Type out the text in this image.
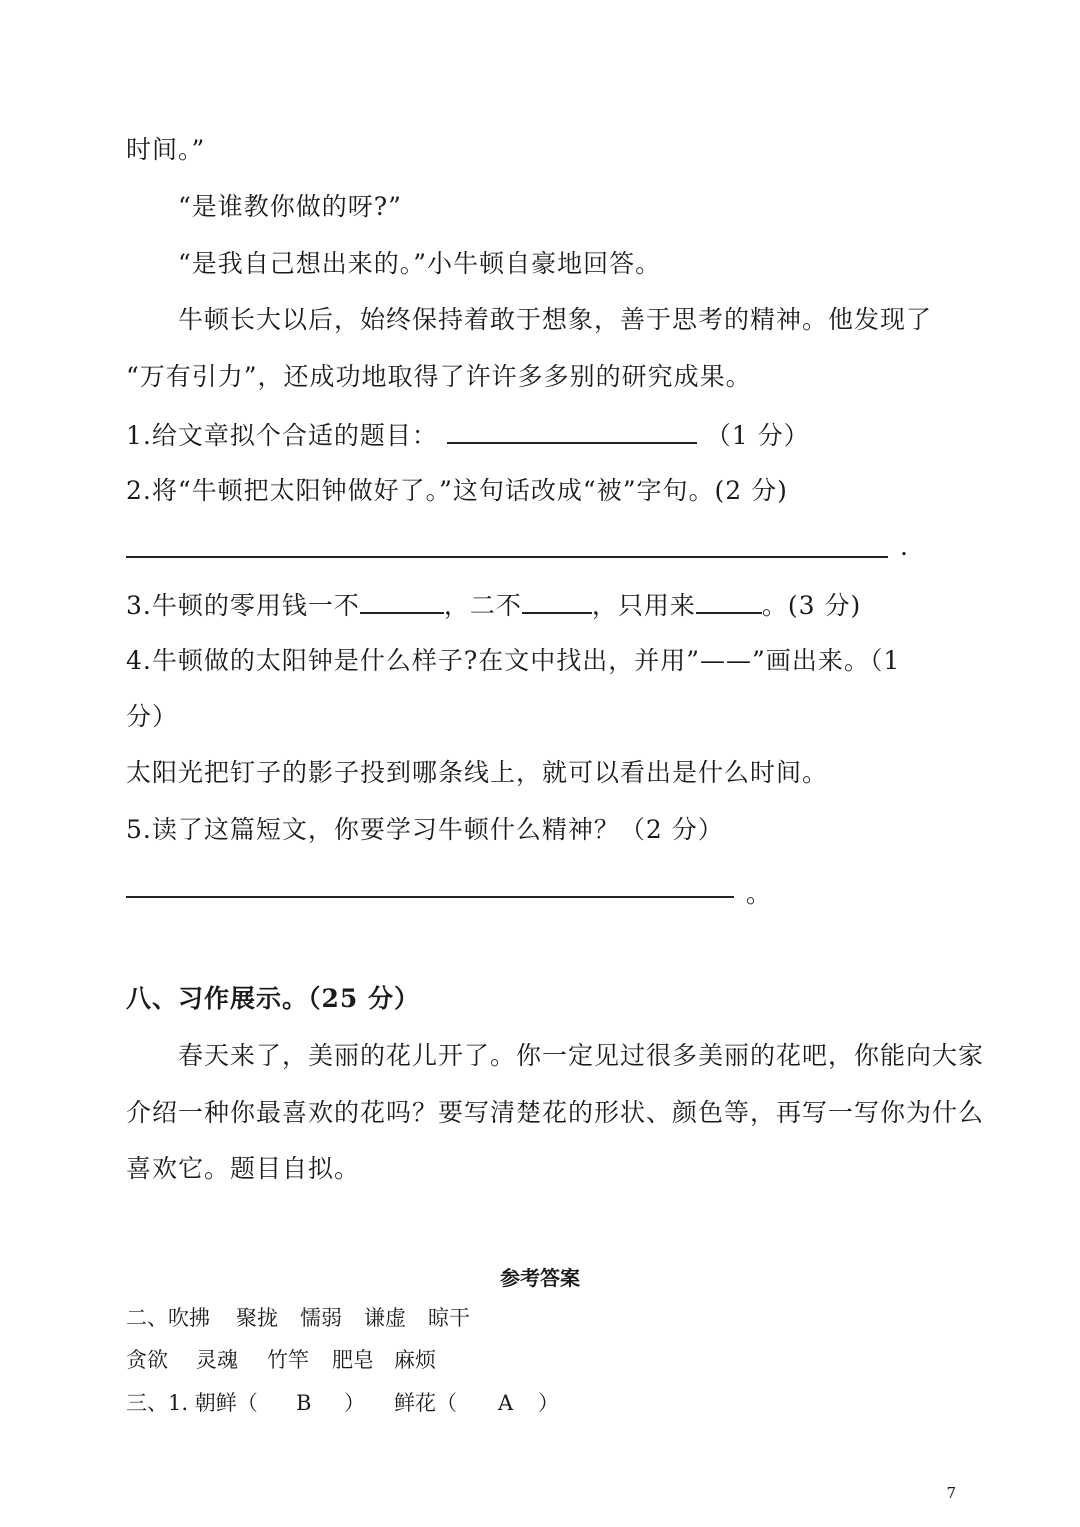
时间。”
“是谁教你做的呀?”
“是我自己想出来的。”小牛顿自豪地回答。
牛顿长大以后，始终保持着敢于想象，善于思考的精神。他发现了
“万有引力”，还成功地取得了许许多多别的研究成果。
1.给文章拟个合适的题目：	（1 分）
2.将“牛顿把太阳钟做好了。”这句话改成“被”字句。(2 分)
.
3.牛顿的零用钱一不	，二不	，只用来	。(3 分)
4.牛顿做的太阳钟是什么样子?在文中找出，并用”——”画出来。（1
分）
太阳光把钉子的影子投到哪条线上，就可以看出是什么时间。
5.读了这篇短文，你要学习牛顿什么精神？（2 分）
。
八、习作展示。（25 分）
春天来了，美丽的花儿开了。你一定见过很多美丽的花吧，你能向大家
介绍一种你最喜欢的花吗？要写清楚花的形状、颜色等，再写一写你为什么
喜欢它。题目自拟。
参考答案
二、吹拂 聚拢 懦弱 谦虚 晾干
贪欲 灵魂 竹竿 肥皂 麻烦
三、1. 朝鲜（ B ） 鲜花（ A ）
7
